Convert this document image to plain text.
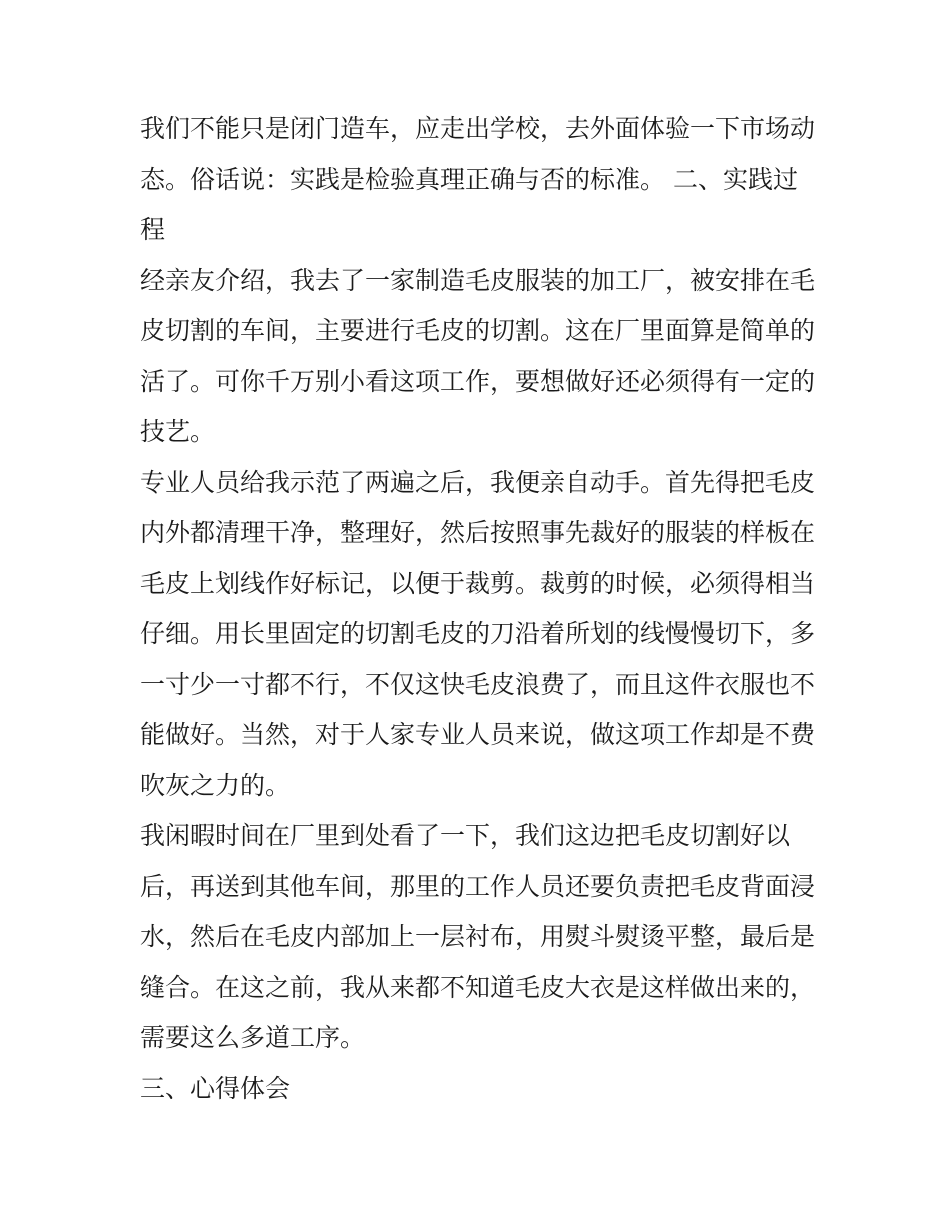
我们不能只是闭门造车，应走出学校，去外面体验一下市场动
态。俗话说：实践是检验真理正确与否的标准。 二、实践过
程
经亲友介绍，我去了一家制造毛皮服装的加工厂，被安排在毛
皮切割的车间，主要进行毛皮的切割。这在厂里面算是简单的
活了。可你千万别小看这项工作，要想做好还必须得有一定的
技艺。
专业人员给我示范了两遍之后，我便亲自动手。首先得把毛皮
内外都清理干净，整理好，然后按照事先裁好的服装的样板在
毛皮上划线作好标记，以便于裁剪。裁剪的时候，必须得相当
仔细。用长里固定的切割毛皮的刀沿着所划的线慢慢切下，多
一寸少一寸都不行，不仅这快毛皮浪费了，而且这件衣服也不
能做好。当然，对于人家专业人员来说，做这项工作却是不费
吹灰之力的。
我闲暇时间在厂里到处看了一下，我们这边把毛皮切割好以
后，再送到其他车间，那里的工作人员还要负责把毛皮背面浸
水，然后在毛皮内部加上一层衬布，用熨斗熨烫平整，最后是
缝合。在这之前，我从来都不知道毛皮大衣是这样做出来的，
需要这么多道工序。
三、心得体会
